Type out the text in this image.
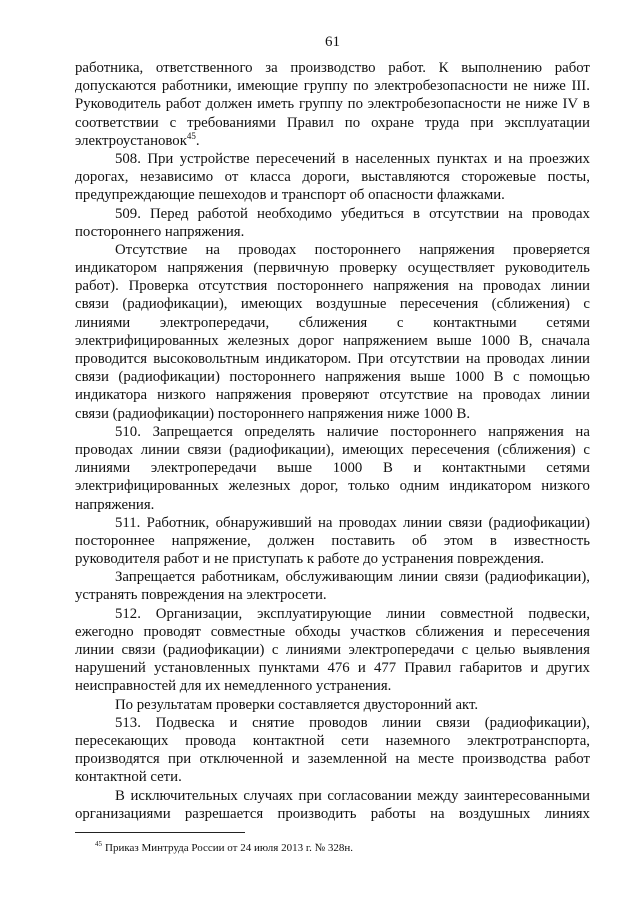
61
работника, ответственного за производство работ. К выполнению работ
допускаются работники, имеющие группу по электробезопасности не ниже III.
Руководитель работ должен иметь группу по электробезопасности не ниже IV в
соответствии с требованиями Правил по охране труда при эксплуатации
электроустановок$^{45}$.
508. При устройстве пересечений в населенных пунктах и на проезжих
дорогах, независимо от класса дороги, выставляются сторожевые посты,
предупреждающие пешеходов и транспорт об опасности флажками.
509. Перед работой необходимо убедиться в отсутствии на проводах
постороннего напряжения.
Отсутствие на проводах постороннего напряжения проверяется
индикатором напряжения (первичную проверку осуществляет руководитель
работ). Проверка отсутствия постороннего напряжения на проводах линии
связи (радиофикации), имеющих воздушные пересечения (сближения) с
линиями электропередачи, сближения с контактными сетями
электрифицированных железных дорог напряжением выше 1000 В, сначала
проводится высоковольтным индикатором. При отсутствии на проводах линии
связи (радиофикации) постороннего напряжения выше 1000 В с помощью
индикатора низкого напряжения проверяют отсутствие на проводах линии
связи (радиофикации) постороннего напряжения ниже 1000 В.
510. Запрещается определять наличие постороннего напряжения на
проводах линии связи (радиофикации), имеющих пересечения (сближения) с
линиями электропередачи выше 1000 В и контактными сетями
электрифицированных железных дорог, только одним индикатором низкого
напряжения.
511. Работник, обнаруживший на проводах линии связи (радиофикации)
постороннее напряжение, должен поставить об этом в известность
руководителя работ и не приступать к работе до устранения повреждения.
Запрещается работникам, обслуживающим линии связи (радиофикации),
устранять повреждения на электросети.
512. Организации, эксплуатирующие линии совместной подвески,
ежегодно проводят совместные обходы участков сближения и пересечения
линии связи (радиофикации) с линиями электропередачи с целью выявления
нарушений установленных пунктами 476 и 477 Правил габаритов и других
неисправностей для их немедленного устранения.
По результатам проверки составляется двусторонний акт.
513. Подвеска и снятие проводов линии связи (радиофикации),
пересекающих провода контактной сети наземного электротранспорта,
производятся при отключенной и заземленной на месте производства работ
контактной сети.
В исключительных случаях при согласовании между заинтересованными
организациями разрешается производить работы на воздушных линиях
$^{45}$ Приказ Минтруда России от 24 июля 2013 г. № 328н.
